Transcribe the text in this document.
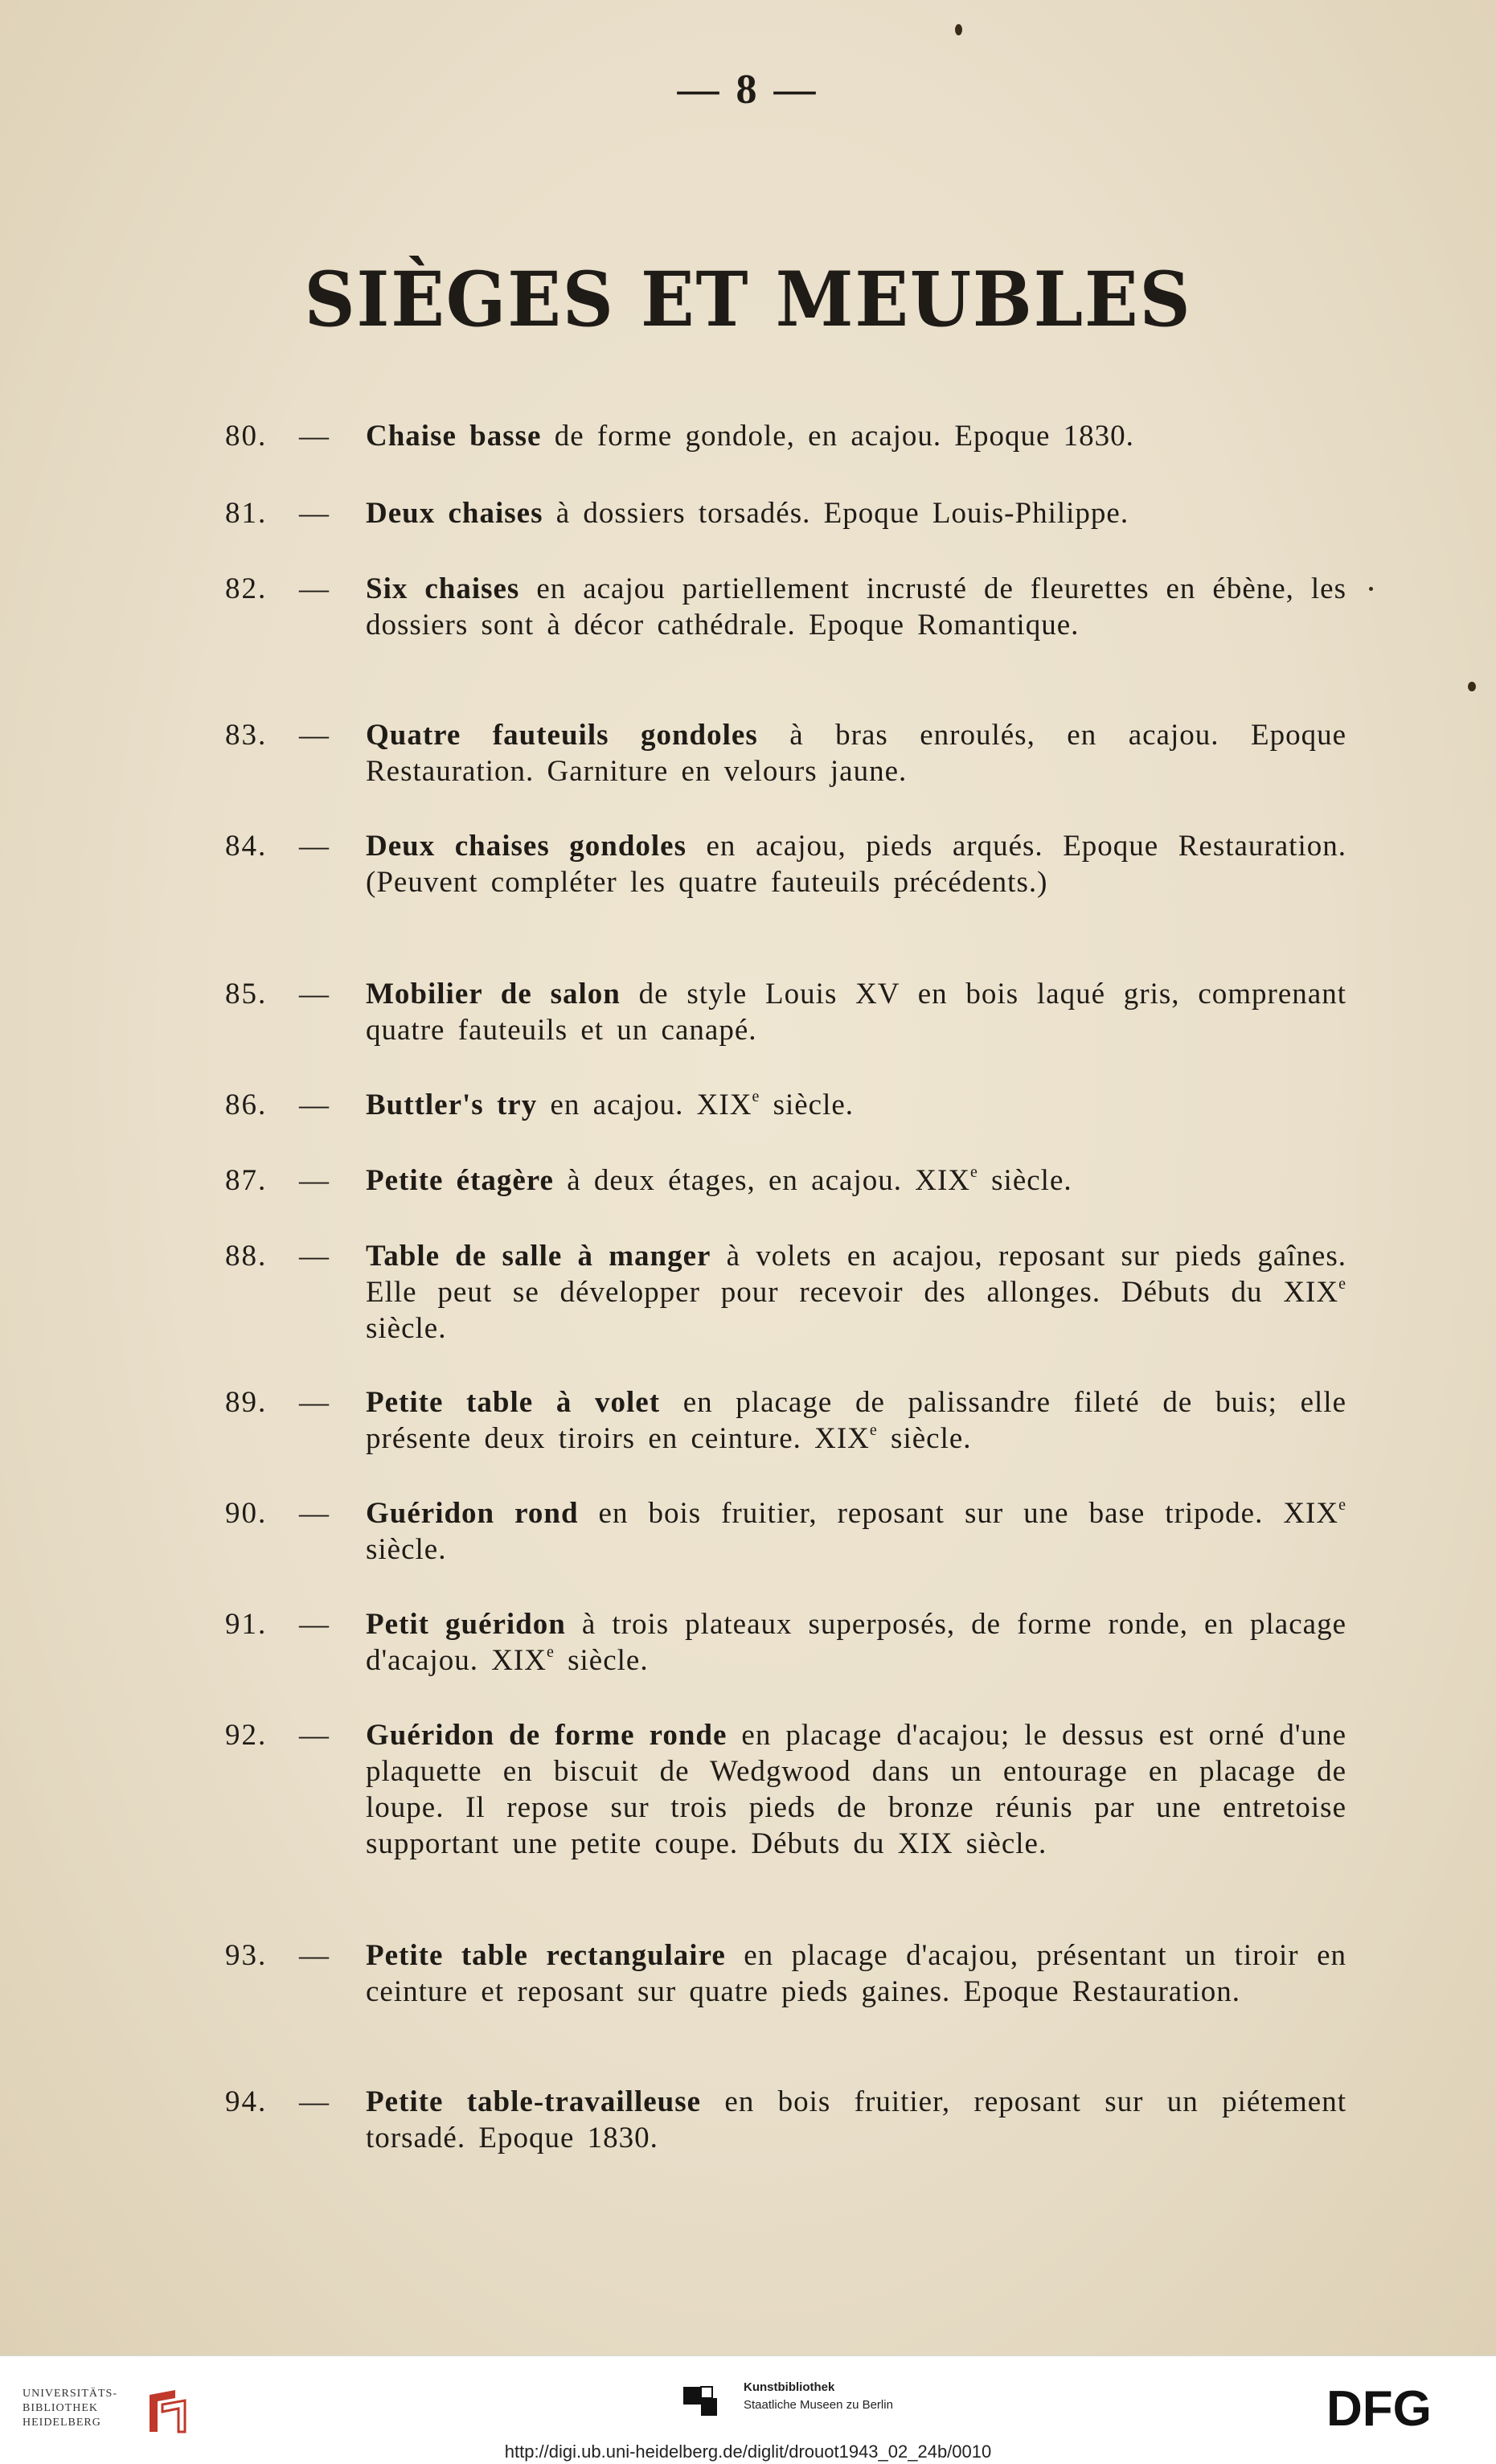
— 8 —
SIÈGES ET MEUBLES
80.	—	Chaise basse de forme gondole, en acajou. Epoque 1830.
81.	—	Deux chaises à dossiers torsadés. Epoque Louis-Philippe.
82.	—	Six chaises en acajou partiellement incrusté de fleurettes en ébène, les dossiers sont à décor cathédrale. Epoque Romantique.
83.	—	Quatre fauteuils gondoles à bras enroulés, en acajou. Epoque Restauration. Garniture en velours jaune.
84.	—	Deux chaises gondoles en acajou, pieds arqués. Epoque Restauration. (Peuvent compléter les quatre fauteuils précédents.)
85.	—	Mobilier de salon de style Louis XV en bois laqué gris, comprenant quatre fauteuils et un canapé.
86.	—	Buttler's try en acajou. XIXe siècle.
87.	—	Petite étagère à deux étages, en acajou. XIXe siècle.
88.	—	Table de salle à manger à volets en acajou, reposant sur pieds gaînes. Elle peut se développer pour recevoir des allonges. Débuts du XIXe siècle.
89.	—	Petite table à volet en placage de palissandre fileté de buis; elle présente deux tiroirs en ceinture. XIXe siècle.
90.	—	Guéridon rond en bois fruitier, reposant sur une base tripode. XIXe siècle.
91.	—	Petit guéridon à trois plateaux superposés, de forme ronde, en placage d'acajou. XIXe siècle.
92.	—	Guéridon de forme ronde en placage d'acajou; le dessus est orné d'une plaquette en biscuit de Wedgwood dans un entourage en placage de loupe. Il repose sur trois pieds de bronze réunis par une entretoise supportant une petite coupe. Débuts du XIX siècle.
93.	—	Petite table rectangulaire en placage d'acajou, présentant un tiroir en ceinture et reposant sur quatre pieds gaines. Epoque Restauration.
94.	—	Petite table-travailleuse en bois fruitier, reposant sur un piétement torsadé. Epoque 1830.
UNIVERSITÄTS-
BIBLIOTHEK
HEIDELBERG
Kunstbibliothek
Staatliche Museen zu Berlin	DFG
http://digi.ub.uni-heidelberg.de/diglit/drouot1943_02_24b/0010
